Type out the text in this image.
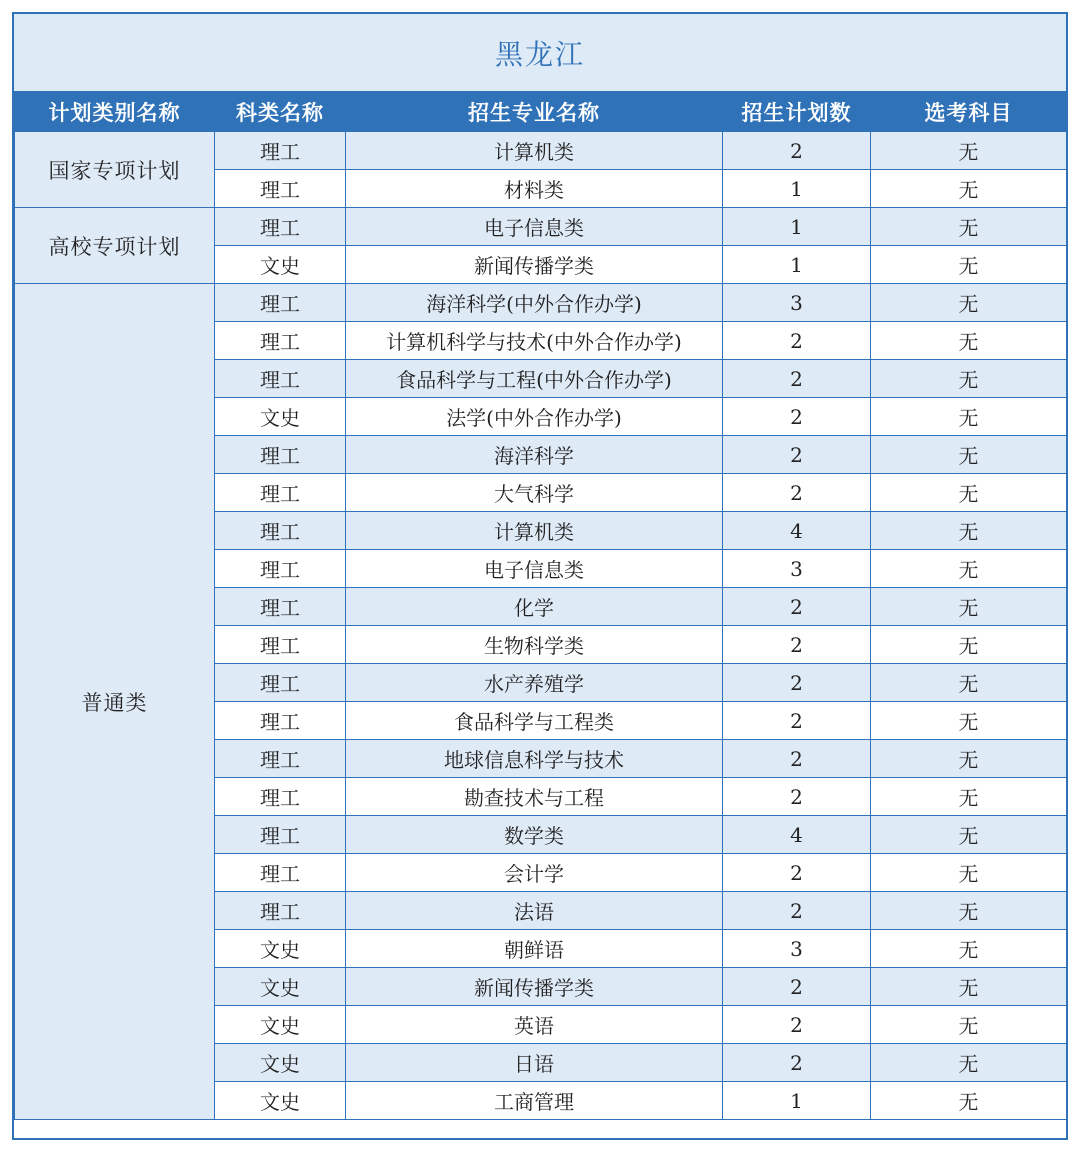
黑龙江
计划类别名称	科类名称	招生专业名称	招生计划数	选考科目
国家专项计划	理工	计算机类	2	无
	理工	材料类	1	无
高校专项计划	理工	电子信息类	1	无
	文史	新闻传播学类	1	无
普通类	理工	海洋科学(中外合作办学)	3	无
	理工	计算机科学与技术(中外合作办学)	2	无
	理工	食品科学与工程(中外合作办学)	2	无
	文史	法学(中外合作办学)	2	无
	理工	海洋科学	2	无
	理工	大气科学	2	无
	理工	计算机类	4	无
	理工	电子信息类	3	无
	理工	化学	2	无
	理工	生物科学类	2	无
	理工	水产养殖学	2	无
	理工	食品科学与工程类	2	无
	理工	地球信息科学与技术	2	无
	理工	勘查技术与工程	2	无
	理工	数学类	4	无
	理工	会计学	2	无
	理工	法语	2	无
	文史	朝鲜语	3	无
	文史	新闻传播学类	2	无
	文史	英语	2	无
	文史	日语	2	无
	文史	工商管理	1	无
